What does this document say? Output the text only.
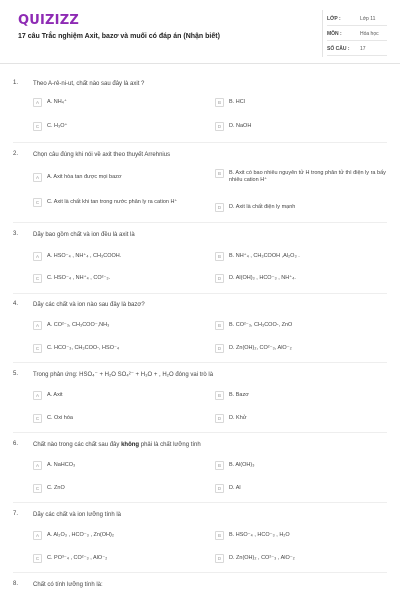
QUIZIZZ
17 câu Trắc nghiệm Axit, bazơ và muối có đáp án (Nhận biết)
LỚP :	Lớp 11
MÔN :	Hóa học
SỐ CÂU :	17
1. Theo A-rê-ni-ut, chất nào sau đây là axit ?
A	A. NH₄⁺	B	B. HCl
C	C. H₃O⁺	D	D. NaOH
2. Chọn câu đúng khi nói về axit theo thuyết Arrehnius
A	A. Axit hòa tan được mọi bazơ
B	B. Axit có bao nhiêu nguyên tử H trong phân tử thì điện ly ra bấy nhiêu cation H⁺
C	C. Axit là chất khi tan trong nước phân ly ra cation H⁺
D	D. Axit là chất điện ly mạnh
3. Dãy bao gồm chất và ion đều là axit là
A	A. HSO⁻₄ , NH⁺₄ , CH₃COOH.	B	B. NH⁺₄ , CH₃COOH ,Al₂O₃ .
C	C. HSO⁻₄ , NH⁺₄ , CO²⁻₃.	D	D. Al(OH)₃ , HCO⁻₃ , NH⁺₄.
4. Dãy các chất và ion nào sau đây là bazơ?
A	A. CO²⁻₃, CH₃COO⁻,NH₃	B	B. CO²⁻₃, CH₃COO-, ZnO
C	C. HCO⁻₃, CH₃COO-, HSO⁻₄	D	D. Zn(OH)₂, CO²⁻₃, AlO⁻₂
5. Trong phản ứng: HSO₄⁻ + H₂O SO₄²⁻ + H₃O + , H₂O đóng vai trò là
A	A. Axit	B	B. Bazơ
C	C. Oxi hóa	D	D. Khử
6. Chất nào trong các chất sau đây không phải là chất lưỡng tính
A	A. NaHCO₃	B	B. Al(OH)₃
C	C. ZnO	D	D. Al
7. Dãy các chất và ion lưỡng tính là
A	A. Al₂O₃ , HCO⁻₃ , Zn(OH)₂	B	B. HSO⁻₄ , HCO⁻₃ , H₂O
C	C. PO³⁻₄ , CO²⁻₃ , AlO⁻₂	D	D. Zn(OH)₂ , CO²⁻₃ , AlO⁻₂
8. Chất có tính lưỡng tính là:
